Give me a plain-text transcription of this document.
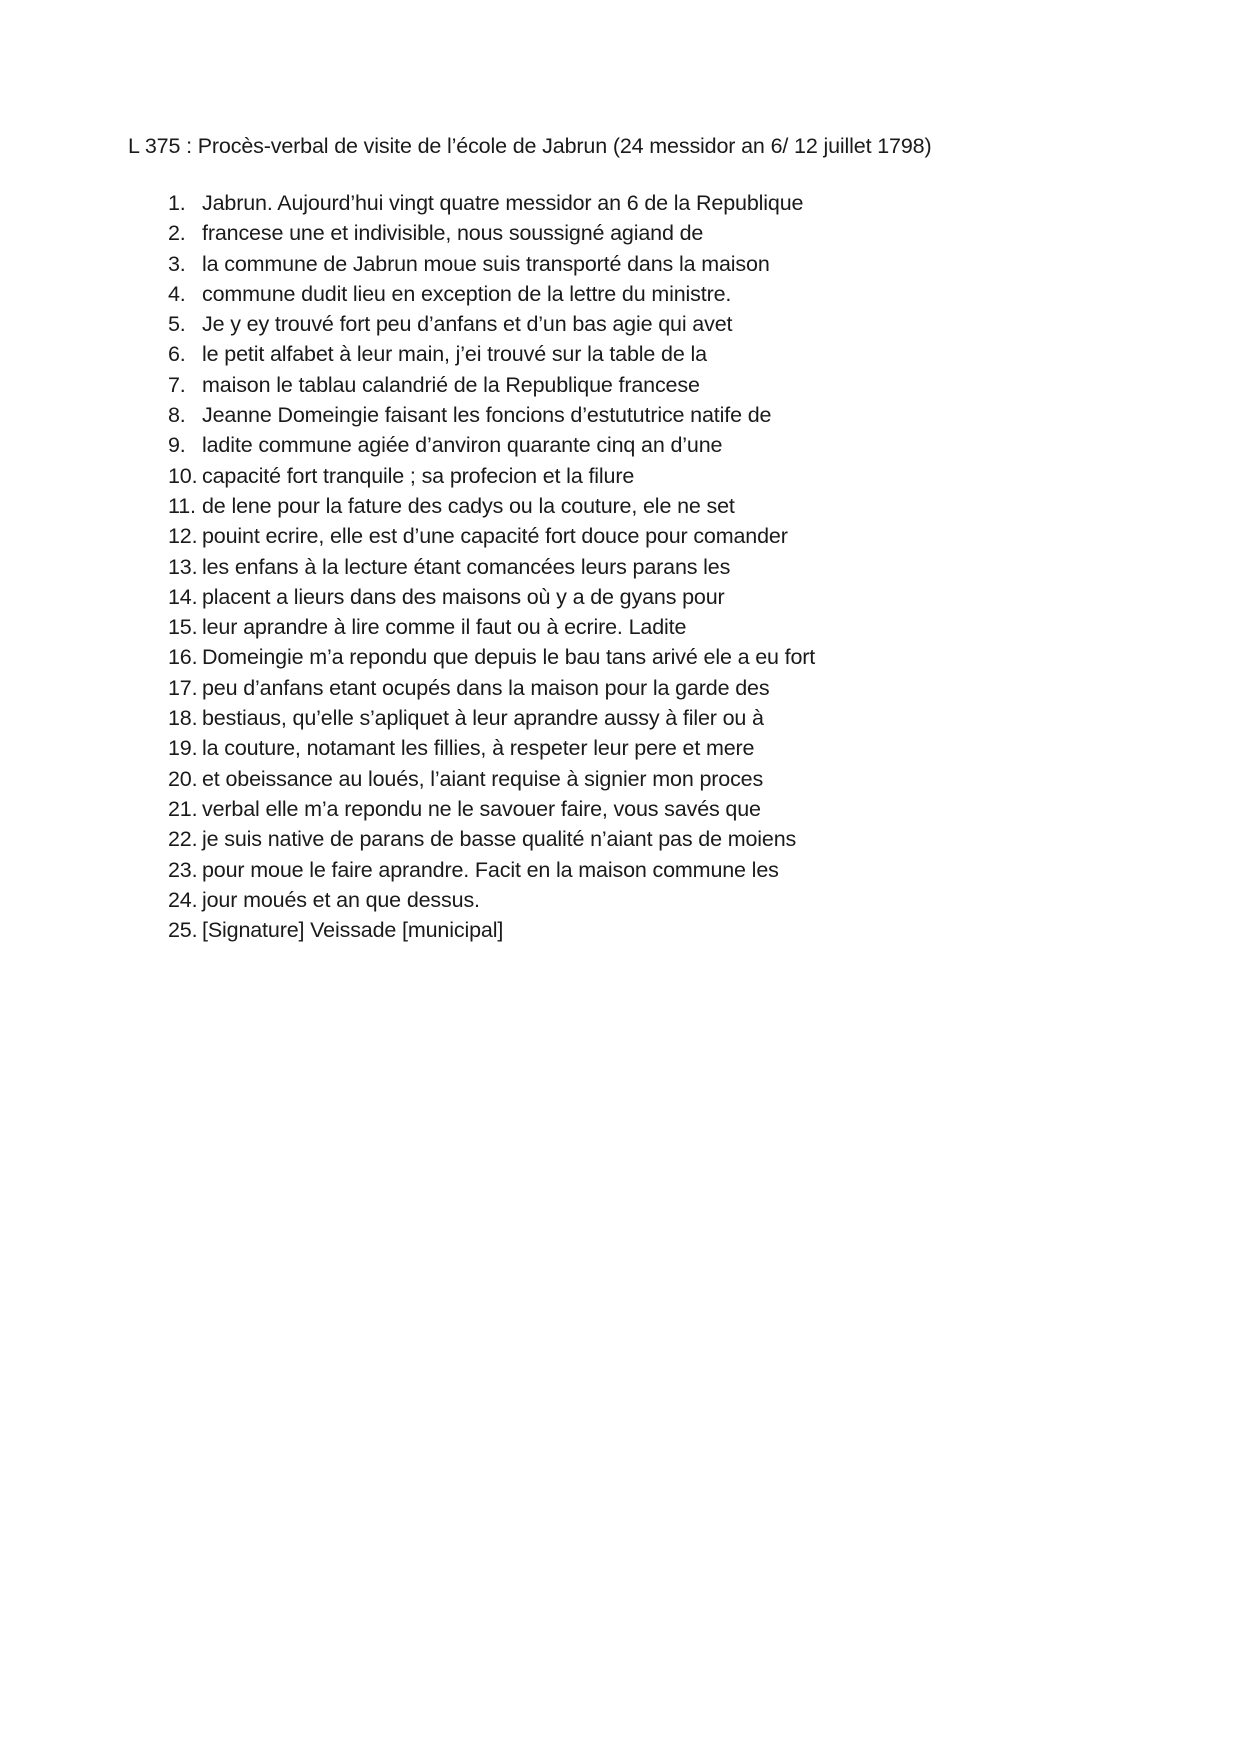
L 375 : Procès-verbal de visite de l’école de Jabrun (24 messidor an 6/ 12 juillet 1798)
1. Jabrun. Aujourd’hui vingt quatre messidor an 6 de la Republique
2. francese une et indivisible, nous soussigné agiand de
3. la commune de Jabrun moue suis transporté dans la maison
4. commune dudit lieu en exception de la lettre du ministre.
5. Je y ey trouvé fort peu d’anfans et d’un bas agie qui avet
6. le petit alfabet à leur main, j’ei trouvé sur la table de la
7. maison le tablau calandrié de la Republique francese
8. Jeanne Domeingie faisant les foncions d’estututrice natife de
9. ladite commune agiée d’anviron quarante cinq an d’une
10. capacité fort tranquile ; sa profecion et la filure
11. de lene pour la fature des cadys ou la couture, ele ne set
12. pouint ecrire, elle est d’une capacité fort douce pour comander
13. les enfans à la lecture étant comancées leurs parans les
14. placent a lieurs dans des maisons où y a de gyans pour
15. leur aprandre à lire comme il faut ou à ecrire. Ladite
16. Domeingie m’a repondu que depuis le bau tans arivé ele a eu fort
17. peu d’anfans etant ocupés dans la maison pour la garde des
18. bestiaus, qu’elle s’apliquet à leur aprandre aussy à filer ou à
19. la couture, notamant les fillies, à respeter leur pere et mere
20. et obeissance au loués, l’aiant requise à signier mon proces
21. verbal elle m’a repondu ne le savouer faire, vous savés que
22. je suis native de parans de basse qualité n’aiant pas de moiens
23. pour moue le faire aprandre. Facit en la maison commune les
24. jour moués et an que dessus.
25. [Signature] Veissade [municipal]
